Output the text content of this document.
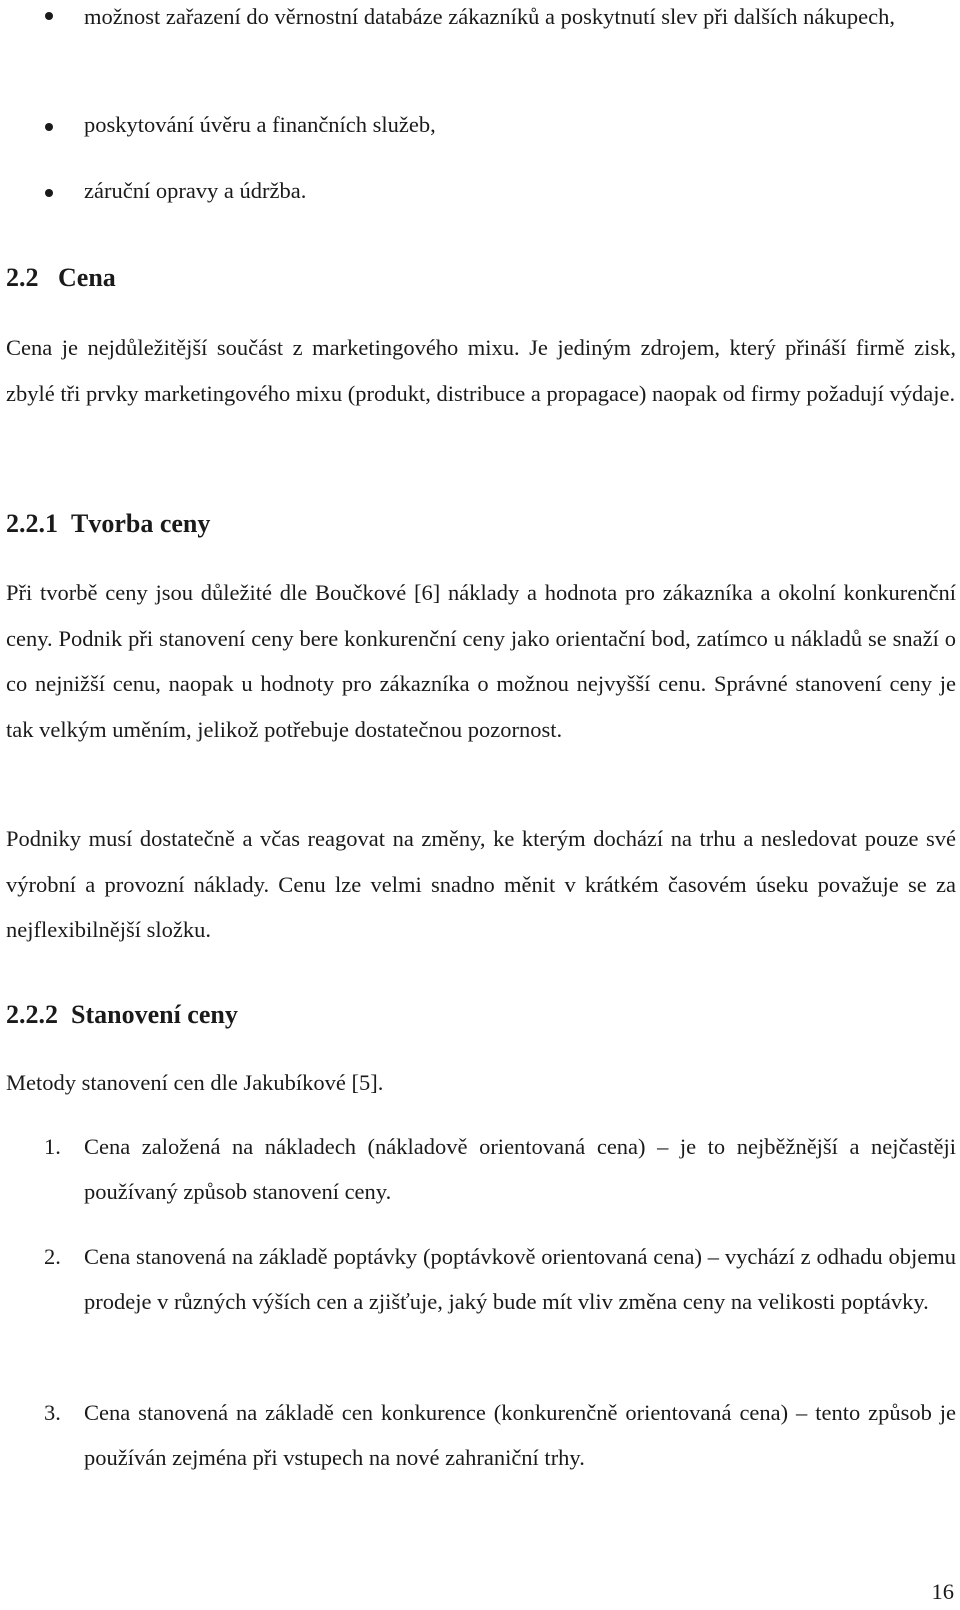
možnost zařazení do věrnostní databáze zákazníků a poskytnutí slev při dalších nákupech,
poskytování úvěru a finančních služeb,
záruční opravy a údržba.
2.2 Cena
Cena je nejdůležitější součást z marketingového mixu. Je jediným zdrojem, který přináší firmě zisk, zbylé tři prvky marketingového mixu (produkt, distribuce a propagace) naopak od firmy požadují výdaje.
2.2.1 Tvorba ceny
Při tvorbě ceny jsou důležité dle Boučkové [6] náklady a hodnota pro zákazníka a okolní konkurenční ceny. Podnik při stanovení ceny bere konkurenční ceny jako orientační bod, zatímco u nákladů se snaží o co nejnižší cenu, naopak u hodnoty pro zákazníka o možnou nejvyšší cenu. Správné stanovení ceny je tak velkým uměním, jelikož potřebuje dostatečnou pozornost.
Podniky musí dostatečně a včas reagovat na změny, ke kterým dochází na trhu a nesledovat pouze své výrobní a provozní náklady. Cenu lze velmi snadno měnit v krátkém časovém úseku považuje se za nejflexibilnější složku.
2.2.2 Stanovení ceny
Metody stanovení cen dle Jakubíkové [5].
1. Cena založená na nákladech (nákladově orientovaná cena) – je to nejběžnější a nejčastěji používaný způsob stanovení ceny.
2. Cena stanovená na základě poptávky (poptávkově orientovaná cena) – vychází z odhadu objemu prodeje v různých výších cen a zjišťuje, jaký bude mít vliv změna ceny na velikosti poptávky.
3. Cena stanovená na základě cen konkurence (konkurenčně orientovaná cena) – tento způsob je používán zejména při vstupech na nové zahraniční trhy.
16
